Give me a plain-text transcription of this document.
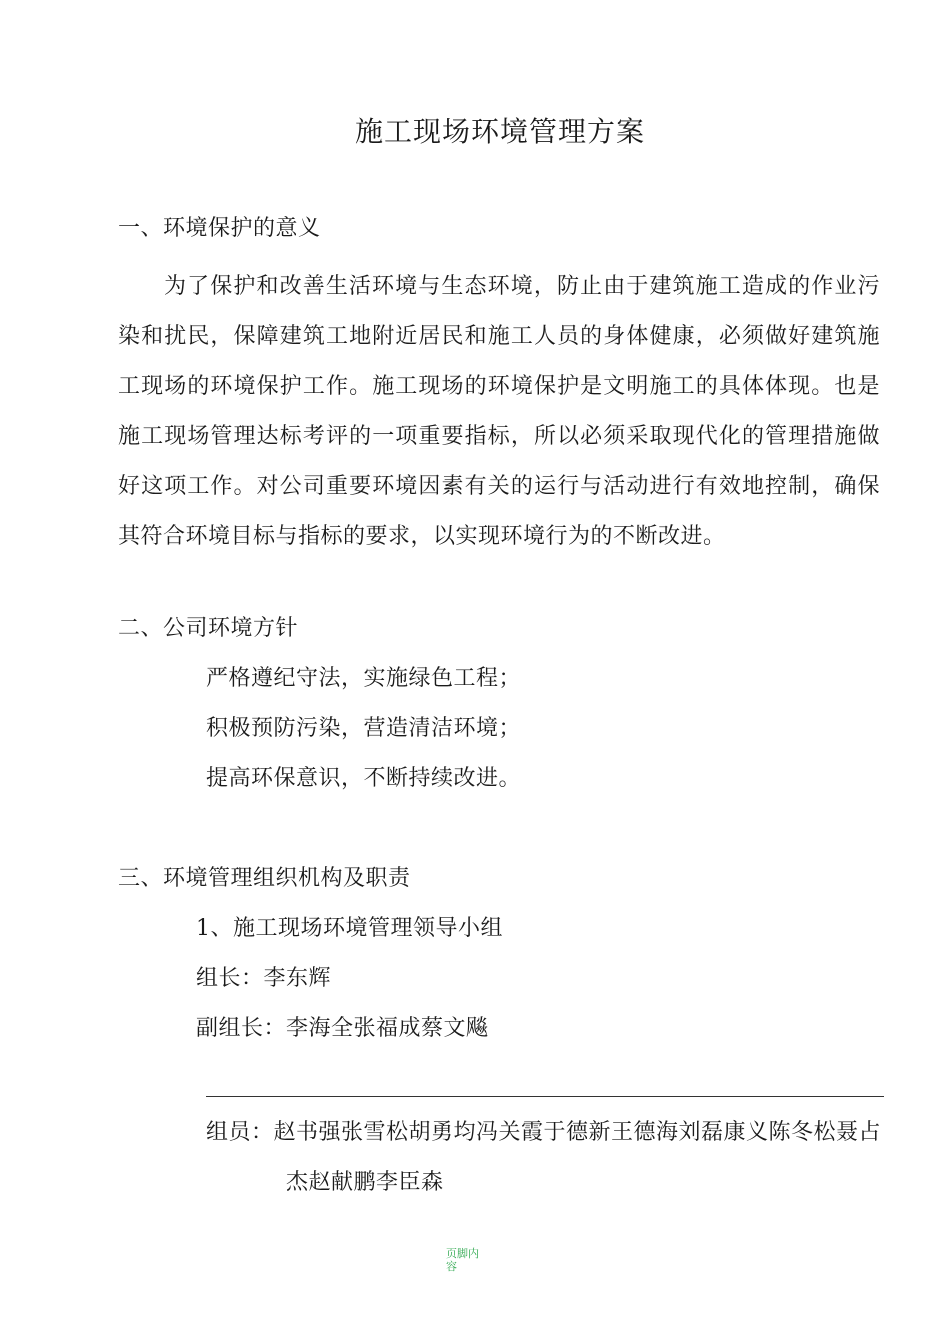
施工现场环境管理方案
一、环境保护的意义

为了保护和改善生活环境与生态环境，防止由于建筑施工造成的作业污染和扰民，保障建筑工地附近居民和施工人员的身体健康，必须做好建筑施工现场的环境保护工作。施工现场的环境保护是文明施工的具体体现。也是施工现场管理达标考评的一项重要指标，所以必须采取现代化的管理措施做好这项工作。对公司重要环境因素有关的运行与活动进行有效地控制，确保其符合环境目标与指标的要求，以实现环境行为的不断改进。

二、公司环境方针
严格遵纪守法，实施绿色工程；
积极预防污染，营造清洁环境；
提高环保意识，不断持续改进。
三、环境管理组织机构及职责
1、施工现场环境管理领导小组
组长：李东辉
副组长：李海全张福成蔡文飚
组员：赵书强张雪松胡勇均冯关霞于德新王德海刘磊康义陈冬松聂占
杰赵献鹏李臣森
页脚内容
